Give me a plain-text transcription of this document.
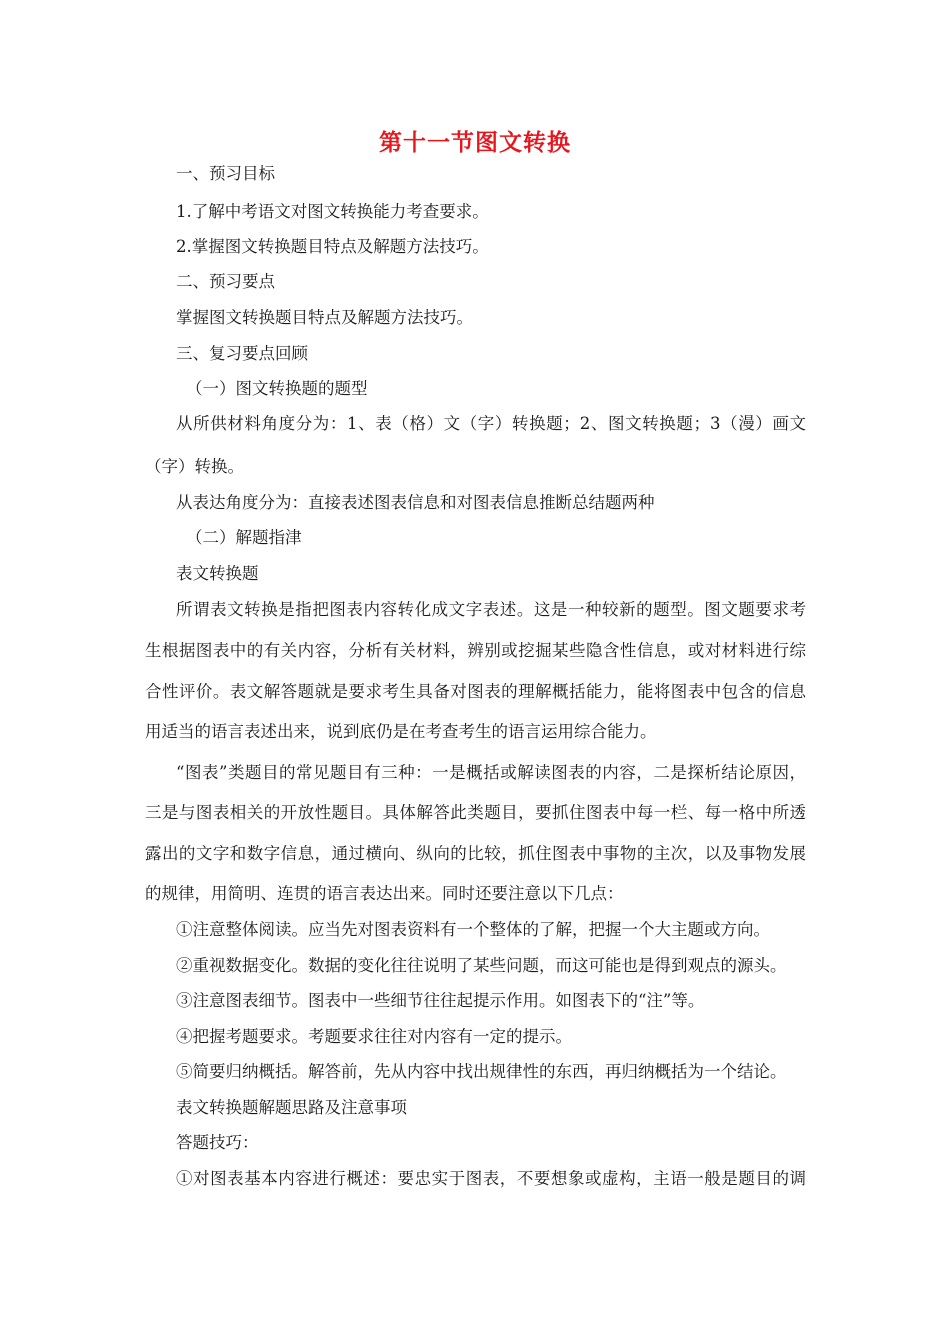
第十一节图文转换
一、预习目标
1.了解中考语文对图文转换能力考查要求。
2.掌握图文转换题目特点及解题方法技巧。
二、预习要点
掌握图文转换题目特点及解题方法技巧。
三、复习要点回顾
（一）图文转换题的题型
从所供材料角度分为：1、表（格）文（字）转换题；2、图文转换题；3（漫）画文
（字）转换。
从表达角度分为：直接表述图表信息和对图表信息推断总结题两种
（二）解题指津
表文转换题
所谓表文转换是指把图表内容转化成文字表述。这是一种较新的题型。图文题要求考
生根据图表中的有关内容，分析有关材料，辨别或挖掘某些隐含性信息，或对材料进行综
合性评价。表文解答题就是要求考生具备对图表的理解概括能力，能将图表中包含的信息
用适当的语言表述出来，说到底仍是在考查考生的语言运用综合能力。
“图表”类题目的常见题目有三种：一是概括或解读图表的内容，二是探析结论原因，
三是与图表相关的开放性题目。具体解答此类题目，要抓住图表中每一栏、每一格中所透
露出的文字和数字信息，通过横向、纵向的比较，抓住图表中事物的主次，以及事物发展
的规律，用简明、连贯的语言表达出来。同时还要注意以下几点：
①注意整体阅读。应当先对图表资料有一个整体的了解，把握一个大主题或方向。
②重视数据变化。数据的变化往往说明了某些问题，而这可能也是得到观点的源头。
③注意图表细节。图表中一些细节往往起提示作用。如图表下的“注”等。
④把握考题要求。考题要求往往对内容有一定的提示。
⑤简要归纳概括。解答前，先从内容中找出规律性的东西，再归纳概括为一个结论。
表文转换题解题思路及注意事项
答题技巧：
①对图表基本内容进行概述：要忠实于图表，不要想象或虚构，主语一般是题目的调
